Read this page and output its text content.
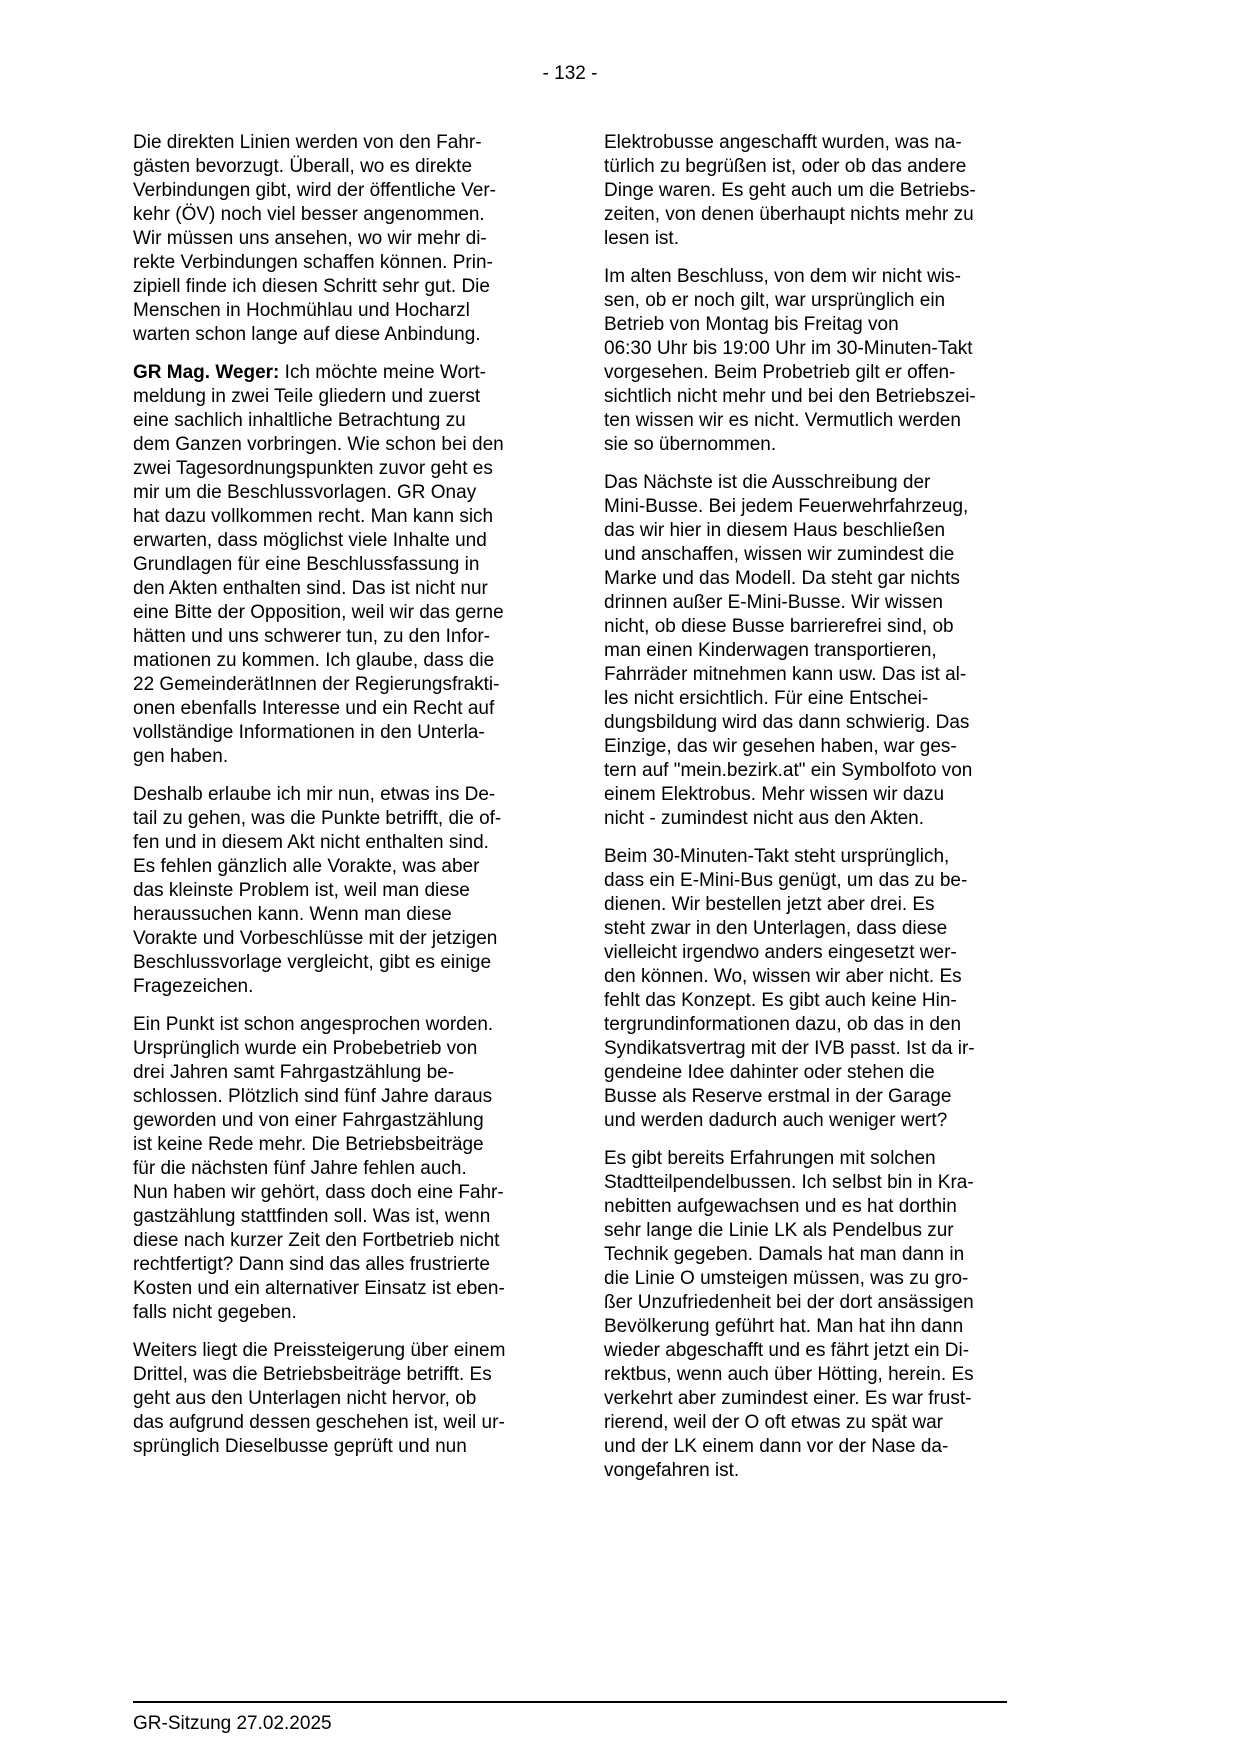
- 132 -

Die direkten Linien werden von den Fahr-
gästen bevorzugt. Überall, wo es direkte
Verbindungen gibt, wird der öffentliche Ver-
kehr (ÖV) noch viel besser angenommen.
Wir müssen uns ansehen, wo wir mehr di-
rekte Verbindungen schaffen können. Prin-
zipiell finde ich diesen Schritt sehr gut. Die
Menschen in Hochmühlau und Hocharzl
warten schon lange auf diese Anbindung.

GR Mag. Weger: Ich möchte meine Wort-
meldung in zwei Teile gliedern und zuerst
eine sachlich inhaltliche Betrachtung zu
dem Ganzen vorbringen. Wie schon bei den
zwei Tagesordnungspunkten zuvor geht es
mir um die Beschlussvorlagen. GR Onay
hat dazu vollkommen recht. Man kann sich
erwarten, dass möglichst viele Inhalte und
Grundlagen für eine Beschlussfassung in
den Akten enthalten sind. Das ist nicht nur
eine Bitte der Opposition, weil wir das gerne
hätten und uns schwerer tun, zu den Infor-
mationen zu kommen. Ich glaube, dass die
22 GemeinderätInnen der Regierungsfrakti-
onen ebenfalls Interesse und ein Recht auf
vollständige Informationen in den Unterla-
gen haben.

Deshalb erlaube ich mir nun, etwas ins De-
tail zu gehen, was die Punkte betrifft, die of-
fen und in diesem Akt nicht enthalten sind.
Es fehlen gänzlich alle Vorakte, was aber
das kleinste Problem ist, weil man diese
heraussuchen kann. Wenn man diese
Vorakte und Vorbeschlüsse mit der jetzigen
Beschlussvorlage vergleicht, gibt es einige
Fragezeichen.

Ein Punkt ist schon angesprochen worden.
Ursprünglich wurde ein Probebetrieb von
drei Jahren samt Fahrgastzählung be-
schlossen. Plötzlich sind fünf Jahre daraus
geworden und von einer Fahrgastzählung
ist keine Rede mehr. Die Betriebsbeiträge
für die nächsten fünf Jahre fehlen auch.
Nun haben wir gehört, dass doch eine Fahr-
gastzählung stattfinden soll. Was ist, wenn
diese nach kurzer Zeit den Fortbetrieb nicht
rechtfertigt? Dann sind das alles frustrierte
Kosten und ein alternativer Einsatz ist eben-
falls nicht gegeben.

Weiters liegt die Preissteigerung über einem
Drittel, was die Betriebsbeiträge betrifft. Es
geht aus den Unterlagen nicht hervor, ob
das aufgrund dessen geschehen ist, weil ur-
sprünglich Dieselbusse geprüft und nun

Elektrobusse angeschafft wurden, was na-
türlich zu begrüßen ist, oder ob das andere
Dinge waren. Es geht auch um die Betriebs-
zeiten, von denen überhaupt nichts mehr zu
lesen ist.

Im alten Beschluss, von dem wir nicht wis-
sen, ob er noch gilt, war ursprünglich ein
Betrieb von Montag bis Freitag von
06:30 Uhr bis 19:00 Uhr im 30-Minuten-Takt
vorgesehen. Beim Probetrieb gilt er offen-
sichtlich nicht mehr und bei den Betriebszei-
ten wissen wir es nicht. Vermutlich werden
sie so übernommen.

Das Nächste ist die Ausschreibung der
Mini-Busse. Bei jedem Feuerwehrfahrzeug,
das wir hier in diesem Haus beschließen
und anschaffen, wissen wir zumindest die
Marke und das Modell. Da steht gar nichts
drinnen außer E-Mini-Busse. Wir wissen
nicht, ob diese Busse barrierefrei sind, ob
man einen Kinderwagen transportieren,
Fahrräder mitnehmen kann usw. Das ist al-
les nicht ersichtlich. Für eine Entschei-
dungsbildung wird das dann schwierig. Das
Einzige, das wir gesehen haben, war ges-
tern auf "mein.bezirk.at" ein Symbolfoto von
einem Elektrobus. Mehr wissen wir dazu
nicht - zumindest nicht aus den Akten.

Beim 30-Minuten-Takt steht ursprünglich,
dass ein E-Mini-Bus genügt, um das zu be-
dienen. Wir bestellen jetzt aber drei. Es
steht zwar in den Unterlagen, dass diese
vielleicht irgendwo anders eingesetzt wer-
den können. Wo, wissen wir aber nicht. Es
fehlt das Konzept. Es gibt auch keine Hin-
tergrundinformationen dazu, ob das in den
Syndikatsvertrag mit der IVB passt. Ist da ir-
gendeine Idee dahinter oder stehen die
Busse als Reserve erstmal in der Garage
und werden dadurch auch weniger wert?

Es gibt bereits Erfahrungen mit solchen
Stadtteilpendelbussen. Ich selbst bin in Kra-
nebitten aufgewachsen und es hat dorthin
sehr lange die Linie LK als Pendelbus zur
Technik gegeben. Damals hat man dann in
die Linie O umsteigen müssen, was zu gro-
ßer Unzufriedenheit bei der dort ansässigen
Bevölkerung geführt hat. Man hat ihn dann
wieder abgeschafft und es fährt jetzt ein Di-
rektbus, wenn auch über Hötting, herein. Es
verkehrt aber zumindest einer. Es war frust-
rierend, weil der O oft etwas zu spät war
und der LK einem dann vor der Nase da-
vongefahren ist.

GR-Sitzung 27.02.2025
